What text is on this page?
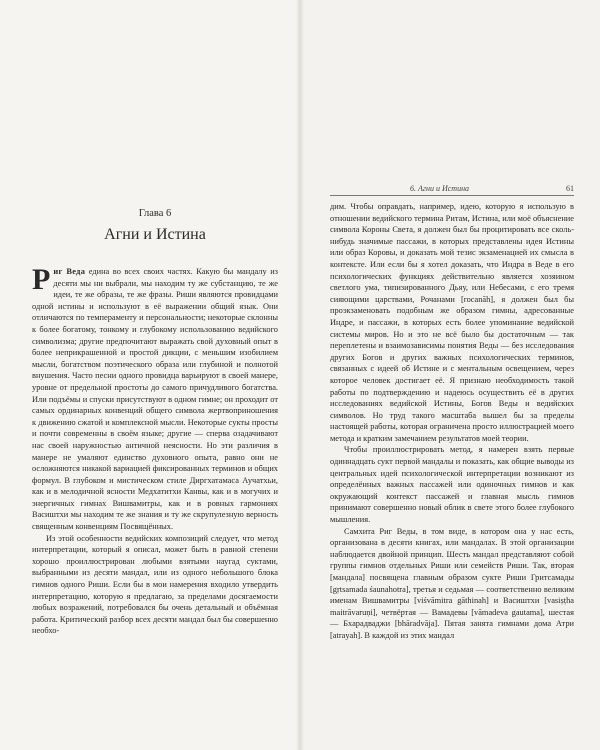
Глава 6
Агни и Истина

Риг Веда едина во всех своих частях. Какую бы мандалу из десяти мы ни выбрали, мы находим ту же субстанцию, те же идеи, те же образы, те же фразы. Риши являются провидцами одной истины и используют в её выражении общий язык. Они отличаются по темпераменту и персональности; некоторые склонны к более богатому, тонкому и глубокому использованию ведийского символизма; другие предпочитают выражать свой духовный опыт в более неприкрашенной и простой дикции, с меньшим изобилием мысли, богатством поэтического образа или глубиной и полнотой внушения. Часто песни одного провидца варьируют в своей манере, уровне от предельной простоты до самого причудливого богатства. Или подъёмы и спуски присутствуют в одном гимне; он проходит от самых ординарных конвенций общего символа жертвоприношения к движению сжатой и комплексной мысли. Некоторые сукты просты и почти современны в своём языке; другие — сперва озадачивают нас своей наружностью античной неясности. Но эти различия в манере не умаляют единство духовного опыта, равно они не осложняются никакой вариацией фиксированных терминов и общих формул. В глубоком и мистическом стиле Диргхатамаса Аучатхьи, как и в мелодичной ясности Медхатитхи Канвы, как и в могучих и энергичных гимнах Вишвамитры, как и в ровных гармониях Васиштхи мы находим те же знания и ту же скрупулезную верность священным конвенциям Посвящённых.

Из этой особенности ведийских композиций следует, что метод интерпретации, который я описал, может быть в равной степени хорошо проиллюстрирован любыми взятыми наугад суктами, выбранными из десяти мандал, или из одного небольшого блока гимнов одного Риши. Если бы в мои намерения входило утвердить интерпретацию, которую я предлагаю, за пределами досягаемости любых возражений, потребовался бы очень детальный и объёмная работа. Критический разбор всех десяти мандал был бы совершенно необхо-

6. Агни и Истина	61

дим. Чтобы оправдать, например, идею, которую я использую в отношении ведийского термина Ритам, Истина, или моё объяснение символа Короны Света, я должен был бы процитировать все сколь-нибудь значимые пассажи, в которых представлены идея Истины или образ Коровы, и доказать мой тезис экзаменацией их смысла в контексте. Или если бы я хотел доказать, что Индра в Веде в его психологических функциях действительно является хозяином светлого ума, типизированного Дьяу, или Небесами, с его тремя сияющими царствами, Рочанами [rocanāh], я должен был бы проэкзаменовать подобным же образом гимны, адресованные Индре, и пассажи, в которых есть более упоминание ведийской системы миров. Но и это не всё было бы достаточным — так переплетены и взаимозависимы понятия Веды — без исследования других Богов и других важных психологических терминов, связанных с идеей об Истине и с ментальным освещением, через которое человек достигает её. Я признаю необходимость такой работы по подтверждению и надеюсь осуществить её в других исследованиях ведийской Истины, Богов Веды и ведийских символов. Но труд такого масштаба вышел бы за пределы настоящей работы, которая ограничена просто иллюстрацией моего метода и кратким замечанием результатов моей теории.

Чтобы проиллюстрировать метод, я намерен взять первые одиннадцать сукт первой мандалы и показать, как общие выводы из центральных идей психологической интерпретации возникают из определённых важных пассажей или одиночных гимнов и как окружающий контекст пассажей и главная мысль гимнов принимают совершенно новый облик в свете этого более глубокого мышления.

Самхита Риг Веды, в том виде, в котором она у нас есть, организована в десяти книгах, или мандалах. В этой организации наблюдается двойной принцип. Шесть мандал представляют собой группы гимнов отдельных Риши или семейств Риши. Так, вторая [мандала] посвящена главным образом сукте Риши Гритсамады [gṛtsamada śaunahotra], третья и седьмая — соответственно великим именам Вишвамитры [viśvāmitra gāthinah] и Васиштхи [vasiṣṭha maitrāvaruṇi], четвёртая — Вамадевы [vāmadeva gautama], шестая — Бхарадваджи [bhāradvāja]. Пятая занята гимнами дома Атри [atrayah]. В каждой из этих мандал
